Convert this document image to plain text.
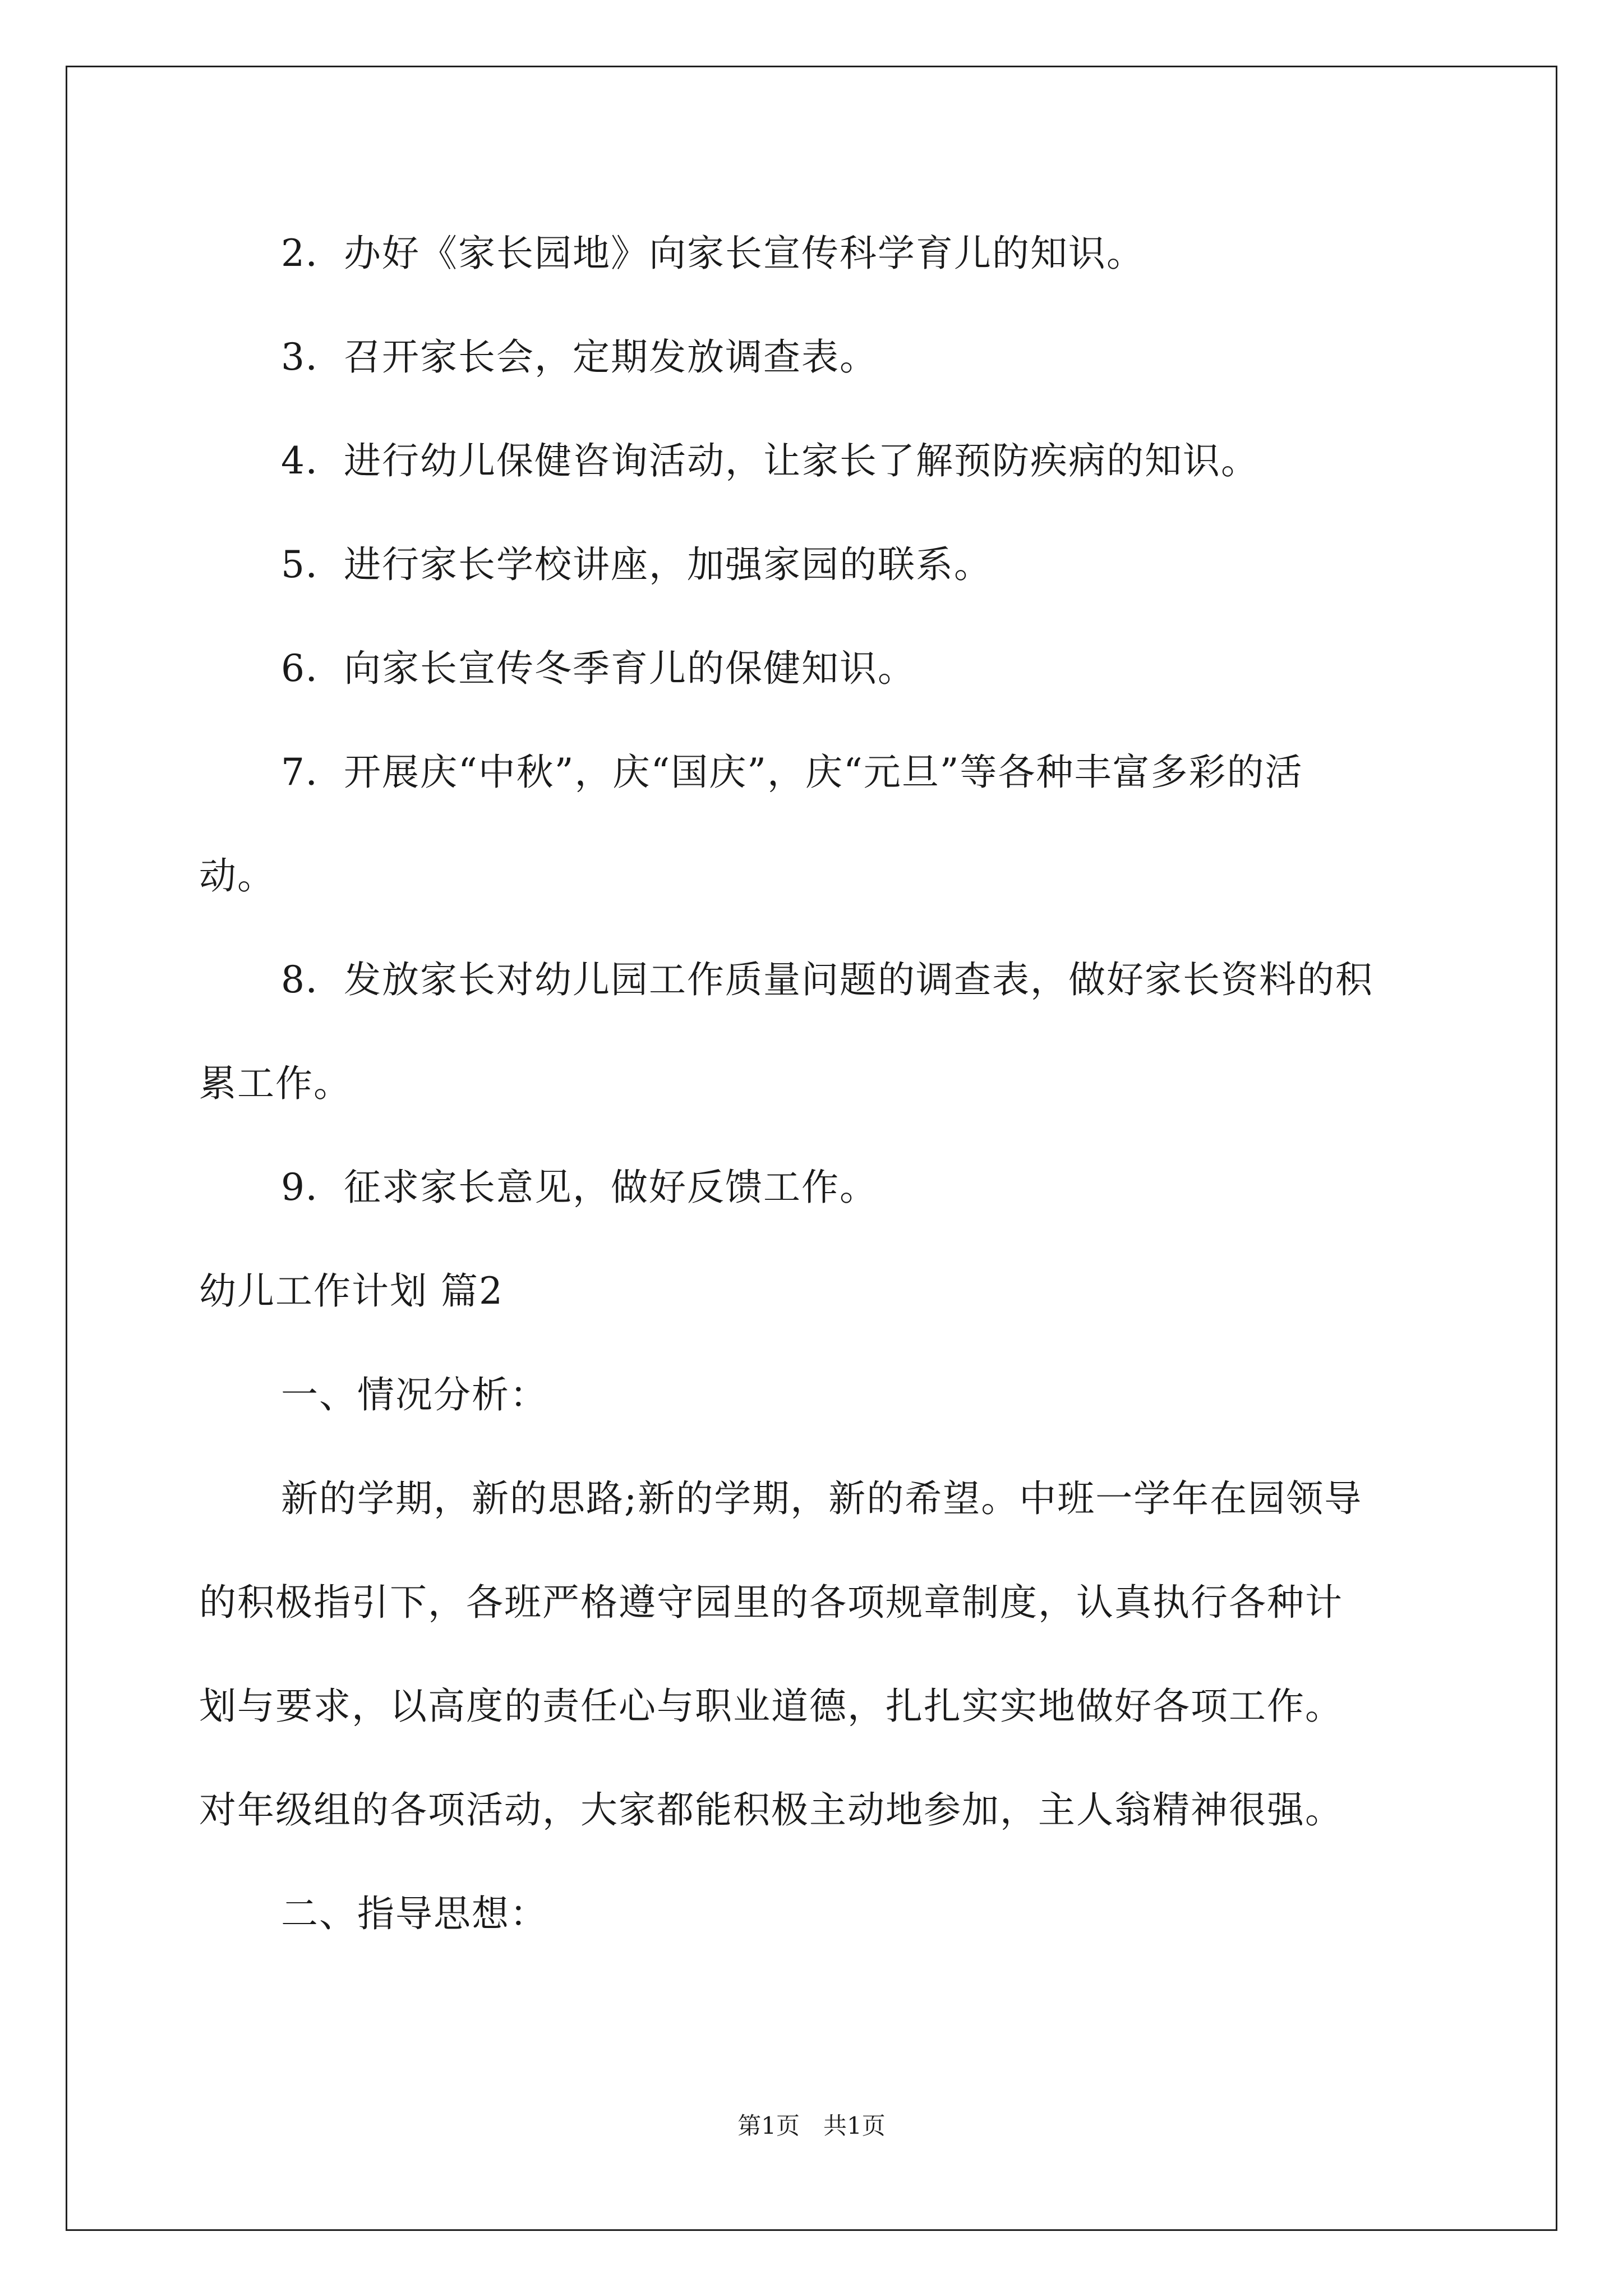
2．办好《家长园地》向家长宣传科学育儿的知识。
3．召开家长会，定期发放调查表。
4．进行幼儿保健咨询活动，让家长了解预防疾病的知识。
5．进行家长学校讲座，加强家园的联系。
6．向家长宣传冬季育儿的保健知识。
7．开展庆“中秋”，庆“国庆”，庆“元旦”等各种丰富多彩的活
动。
8．发放家长对幼儿园工作质量问题的调查表，做好家长资料的积
累工作。
9．征求家长意见，做好反馈工作。
幼儿工作计划 篇2
一、情况分析：
新的学期，新的思路;新的学期，新的希望。中班一学年在园领导
的积极指引下，各班严格遵守园里的各项规章制度，认真执行各种计
划与要求，以高度的责任心与职业道德，扎扎实实地做好各项工作。
对年级组的各项活动，大家都能积极主动地参加，主人翁精神很强。
二、指导思想：
第1页　共1页
